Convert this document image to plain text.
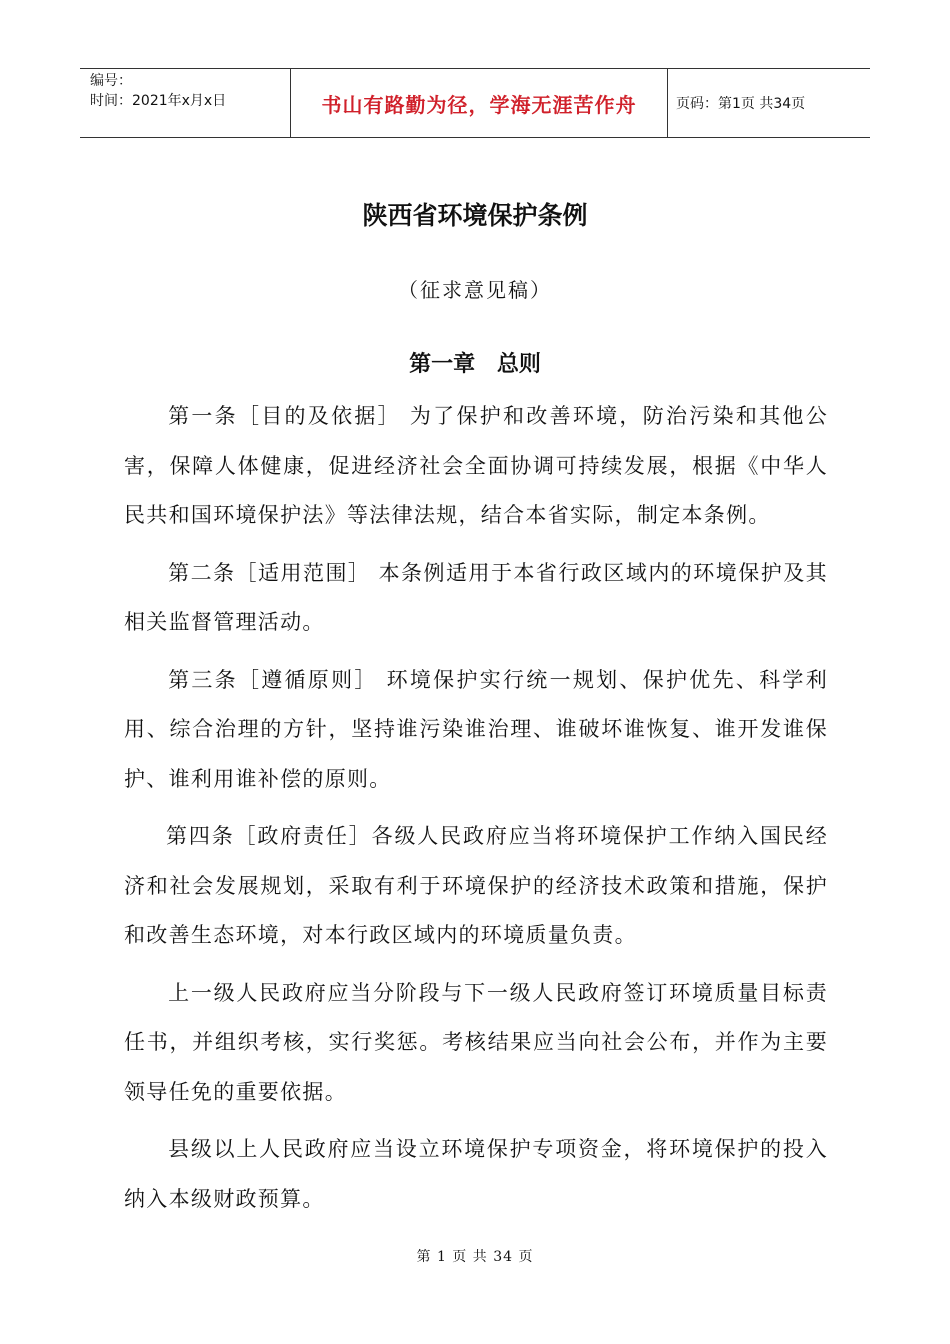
编号：
时间：2021年x月x日	书山有路勤为径，学海无涯苦作舟	页码：第1页 共34页
陕西省环境保护条例
（征求意见稿）
第一章 总则

第一条［目的及依据］ 为了保护和改善环境，防治污染和其他公害，保障人体健康，促进经济社会全面协调可持续发展，根据《中华人民共和国环境保护法》等法律法规，结合本省实际，制定本条例。

第二条［适用范围］ 本条例适用于本省行政区域内的环境保护及其相关监督管理活动。

第三条［遵循原则］ 环境保护实行统一规划、保护优先、科学利用、综合治理的方针，坚持谁污染谁治理、谁破坏谁恢复、谁开发谁保护、谁利用谁补偿的原则。

第四条［政府责任］各级人民政府应当将环境保护工作纳入国民经济和社会发展规划，采取有利于环境保护的经济技术政策和措施，保护和改善生态环境，对本行政区域内的环境质量负责。

上一级人民政府应当分阶段与下一级人民政府签订环境质量目标责任书，并组织考核，实行奖惩。考核结果应当向社会公布，并作为主要领导任免的重要依据。

县级以上人民政府应当设立环境保护专项资金，将环境保护的投入纳入本级财政预算。

第 1 页 共 34 页
